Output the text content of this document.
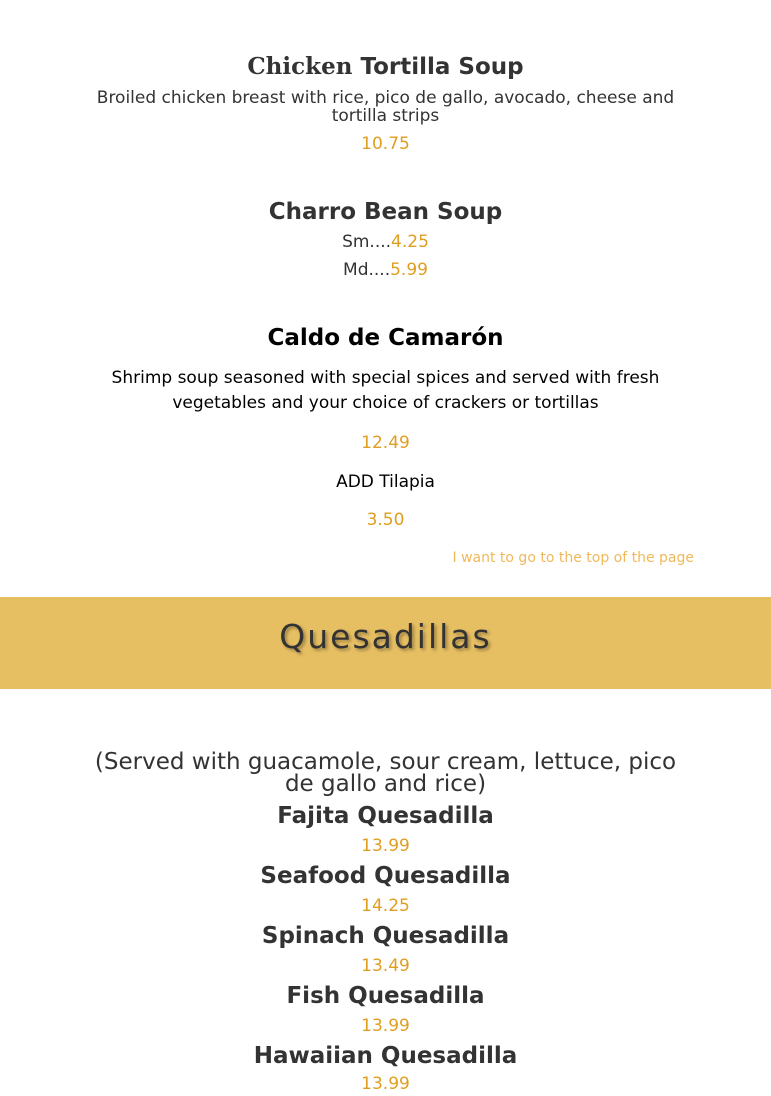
Chicken Tortilla Soup
Broiled chicken breast with rice, pico de gallo, avocado, cheese and tortilla strips
10.75
Charro Bean Soup
Sm....4.25
Md....5.99
Caldo de Camarón
Shrimp soup seasoned with special spices and served with fresh vegetables and your choice of crackers or tortillas
12.49
ADD Tilapia
3.50
I want to go to the top of the page
Quesadillas
(Served with guacamole, sour cream, lettuce, pico de gallo and rice)
Fajita Quesadilla
13.99
Seafood Quesadilla
14.25
Spinach Quesadilla
13.49
Fish Quesadilla
13.99
Hawaiian Quesadilla
13.99
